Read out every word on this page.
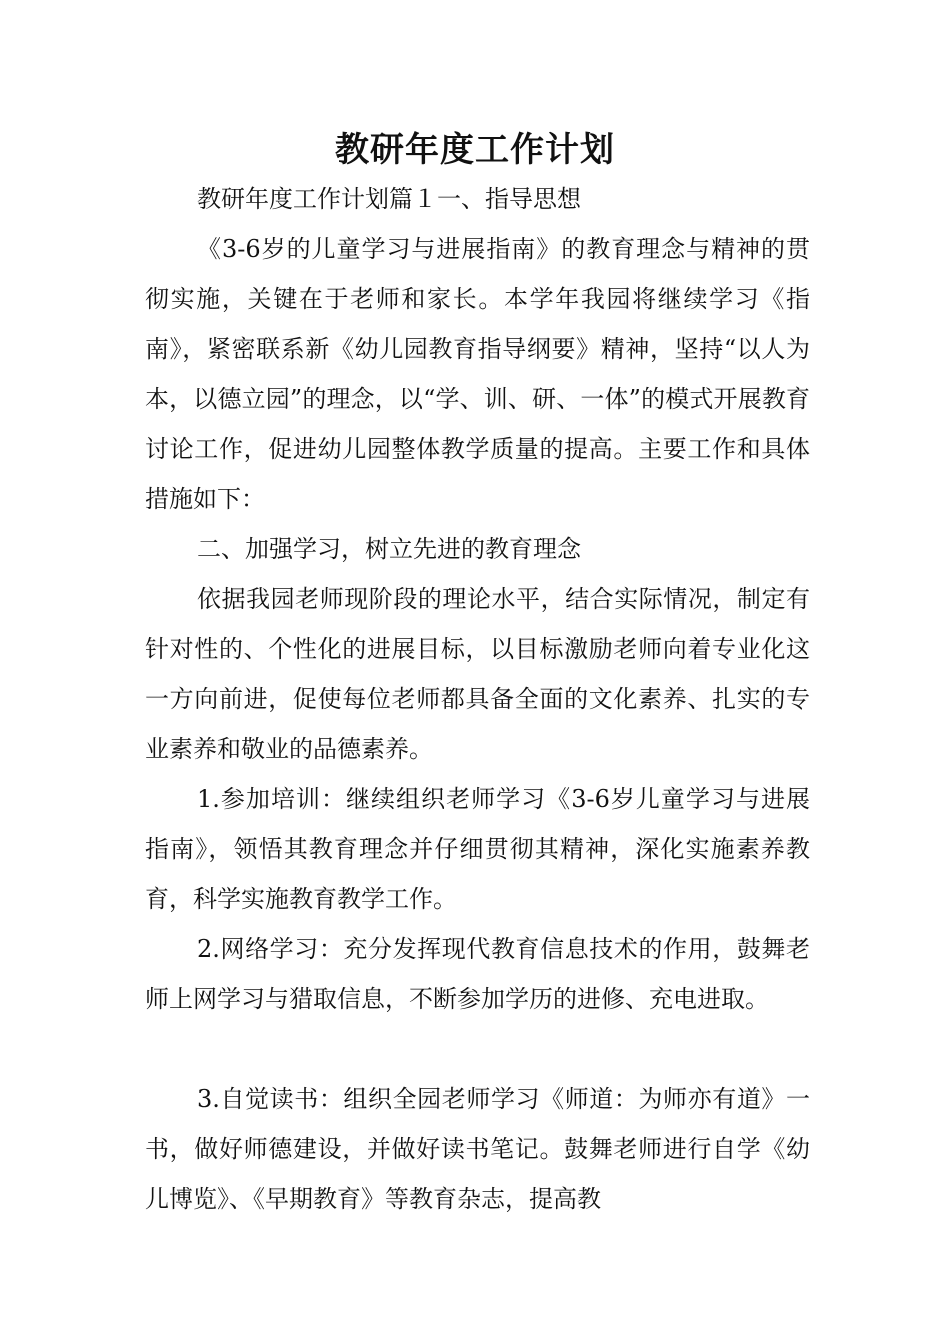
教研年度工作计划
教研年度工作计划篇１一、指导思想
《3-6岁的儿童学习与进展指南》的教育理念与精神的贯彻实施，关键在于老师和家长。本学年我园将继续学习《指南》，紧密联系新《幼儿园教育指导纲要》精神，坚持“以人为本，以德立园”的理念，以“学、训、研、一体”的模式开展教育讨论工作，促进幼儿园整体教学质量的提高。主要工作和具体措施如下：
二、加强学习，树立先进的教育理念
依据我园老师现阶段的理论水平，结合实际情况，制定有针对性的、个性化的进展目标，以目标激励老师向着专业化这一方向前进，促使每位老师都具备全面的文化素养、扎实的专业素养和敬业的品德素养。
1.参加培训：继续组织老师学习《3-6岁儿童学习与进展指南》，领悟其教育理念并仔细贯彻其精神，深化实施素养教育，科学实施教育教学工作。
2.网络学习：充分发挥现代教育信息技术的作用，鼓舞老师上网学习与猎取信息，不断参加学历的进修、充电进取。
3.自觉读书：组织全园老师学习《师道：为师亦有道》一书，做好师德建设，并做好读书笔记。鼓舞老师进行自学《幼儿博览》、《早期教育》等教育杂志，提高教
